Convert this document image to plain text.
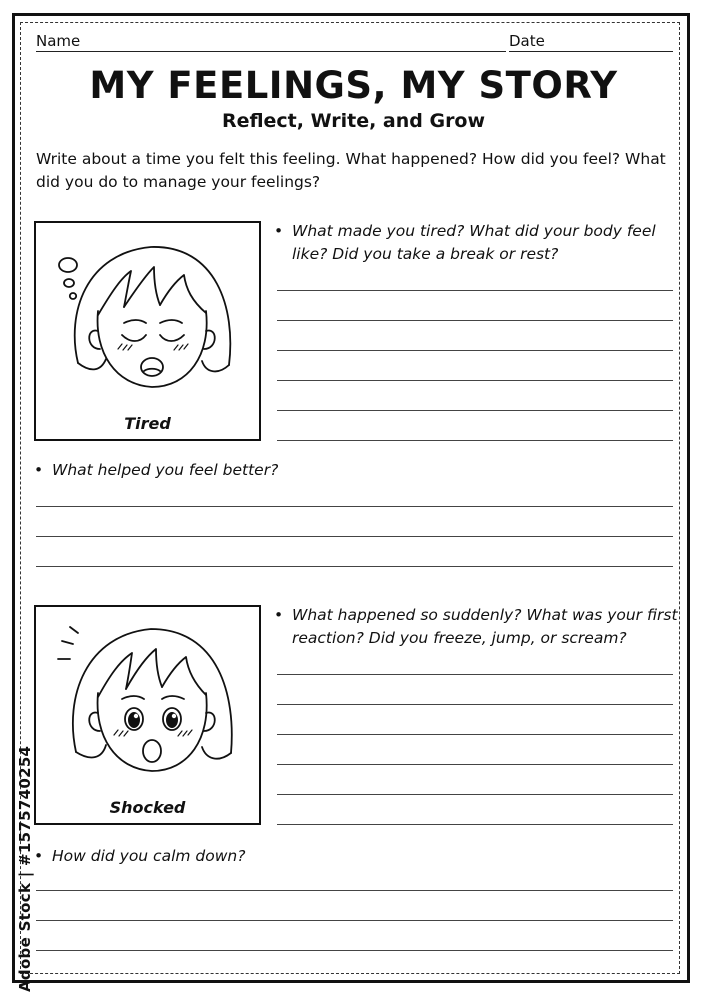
Name	Date
MY FEELINGS, MY STORY
Reflect, Write, and Grow
Write about a time you felt this feeling. What happened? How did you feel? What did you do to manage your feelings?
Tired
• What made you tired? What did your body feel like? Did you take a break or rest?
• What helped you feel better?
Shocked
• What happened so suddenly? What was your first reaction? Did you freeze, jump, or scream?
• How did you calm down?
Adobe Stock | #1575740254
